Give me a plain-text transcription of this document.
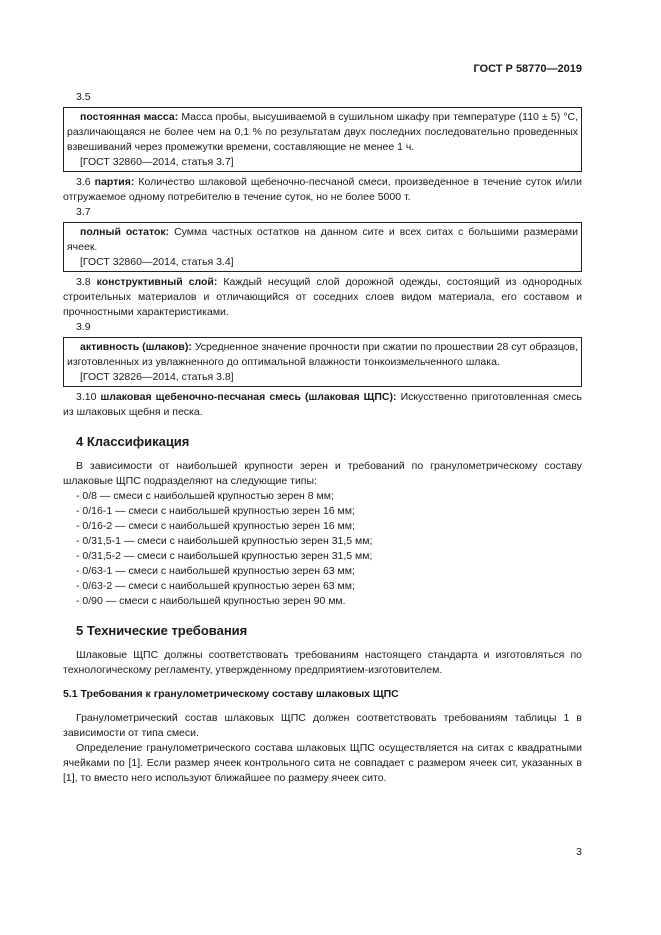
ГОСТ Р 58770—2019

3.5

постоянная масса: Масса пробы, высушиваемой в сушильном шкафу при температуре (110 ± 5) °С, различающаяся не более чем на 0,1 % по результатам двух последних последовательно проведенных взвешиваний через промежутки времени, составляющие не менее 1 ч.

[ГОСТ 32860—2014, статья 3.7]

3.6 партия: Количество шлаковой щебеночно-песчаной смеси, произведенное в течение суток и/или отгружаемое одному потребителю в течение суток, но не более 5000 т.

3.7

полный остаток: Сумма частных остатков на данном сите и всех ситах с большими размерами ячеек.

[ГОСТ 32860—2014, статья 3.4]

3.8 конструктивный слой: Каждый несущий слой дорожной одежды, состоящий из однородных строительных материалов и отличающийся от соседних слоев видом материала, его составом и прочностными характеристиками.

3.9

активность (шлаков): Усредненное значение прочности при сжатии по прошествии 28 сут образцов, изготовленных из увлажненного до оптимальной влажности тонкоизмельченного шлака.

[ГОСТ 32826—2014, статья 3.8]

3.10 шлаковая щебеночно-песчаная смесь (шлаковая ЩПС): Искусственно приготовленная смесь из шлаковых щебня и песка.

4 Классификация

В зависимости от наибольшей крупности зерен и требований по гранулометрическому составу шлаковые ЩПС подразделяют на следующие типы:

- 0/8 — смеси с наибольшей крупностью зерен 8 мм;
- 0/16-1 — смеси с наибольшей крупностью зерен 16 мм;
- 0/16-2 — смеси с наибольшей крупностью зерен 16 мм;
- 0/31,5-1 — смеси с наибольшей крупностью зерен 31,5 мм;
- 0/31,5-2 — смеси с наибольшей крупностью зерен 31,5 мм;
- 0/63-1 — смеси с наибольшей крупностью зерен 63 мм;
- 0/63-2 — смеси с наибольшей крупностью зерен 63 мм;
- 0/90 — смеси с наибольшей крупностью зерен 90 мм.
5 Технические требования

Шлаковые ЩПС должны соответствовать требованиям настоящего стандарта и изготовляться по технологическому регламенту, утвержденному предприятием-изготовителем.

5.1 Требования к гранулометрическому составу шлаковых ЩПС

Гранулометрический состав шлаковых ЩПС должен соответствовать требованиям таблицы 1 в зависимости от типа смеси.

Определение гранулометрического состава шлаковых ЩПС осуществляется на ситах с квадратными ячейками по [1]. Если размер ячеек контрольного сита не совпадает с размером ячеек сит, указанных в [1], то вместо него используют ближайшее по размеру ячеек сито.

3
